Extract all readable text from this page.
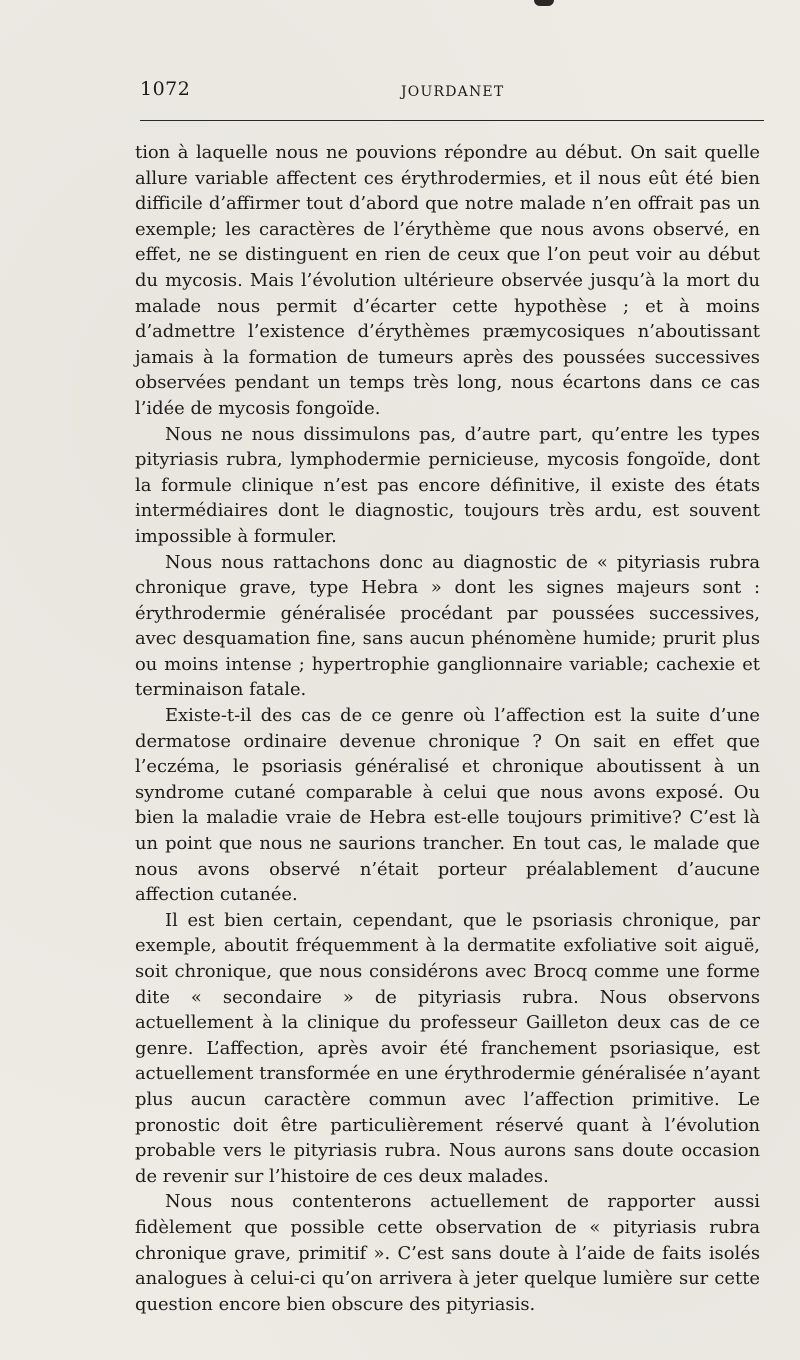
1072	JOURDANET

tion à laquelle nous ne pouvions répondre au début. On sait quelle allure variable affectent ces érythrodermies, et il nous eût été bien difficile d’affirmer tout d’abord que notre malade n’en offrait pas un exemple; les caractères de l’érythème que nous avons observé, en effet, ne se distinguent en rien de ceux que l’on peut voir au début du mycosis. Mais l’évolution ultérieure observée jusqu’à la mort du malade nous permit d’écarter cette hypothèse ; et à moins d’admettre l’existence d’érythèmes præmycosiques n’aboutissant jamais à la formation de tumeurs après des poussées successives observées pendant un temps très long, nous écartons dans ce cas l’idée de mycosis fongoïde.

Nous ne nous dissimulons pas, d’autre part, qu’entre les types pityriasis rubra, lymphodermie pernicieuse, mycosis fongoïde, dont la formule clinique n’est pas encore définitive, il existe des états intermédiaires dont le diagnostic, toujours très ardu, est souvent impossible à formuler.

Nous nous rattachons donc au diagnostic de « pityriasis rubra chronique grave, type Hebra » dont les signes majeurs sont : érythrodermie généralisée procédant par poussées successives, avec desquamation fine, sans aucun phénomène humide; prurit plus ou moins intense ; hypertrophie ganglionnaire variable; cachexie et terminaison fatale.

Existe-t-il des cas de ce genre où l’affection est la suite d’une dermatose ordinaire devenue chronique ? On sait en effet que l’eczéma, le psoriasis généralisé et chronique aboutissent à un syndrome cutané comparable à celui que nous avons exposé. Ou bien la maladie vraie de Hebra est-elle toujours primitive? C’est là un point que nous ne saurions trancher. En tout cas, le malade que nous avons observé n’était porteur préalablement d’aucune affection cutanée.

Il est bien certain, cependant, que le psoriasis chronique, par exemple, aboutit fréquemment à la dermatite exfoliative soit aiguë, soit chronique, que nous considérons avec Brocq comme une forme dite « secondaire » de pityriasis rubra. Nous observons actuellement à la clinique du professeur Gailleton deux cas de ce genre. L’affection, après avoir été franchement psoriasique, est actuellement transformée en une érythrodermie généralisée n’ayant plus aucun caractère commun avec l’affection primitive. Le pronostic doit être particulièrement réservé quant à l’évolution probable vers le pityriasis rubra. Nous aurons sans doute occasion de revenir sur l’histoire de ces deux malades.

Nous nous contenterons actuellement de rapporter aussi fidèlement que possible cette observation de « pityriasis rubra chronique grave, primitif ». C’est sans doute à l’aide de faits isolés analogues à celui-ci qu’on arrivera à jeter quelque lumière sur cette question encore bien obscure des pityriasis.
